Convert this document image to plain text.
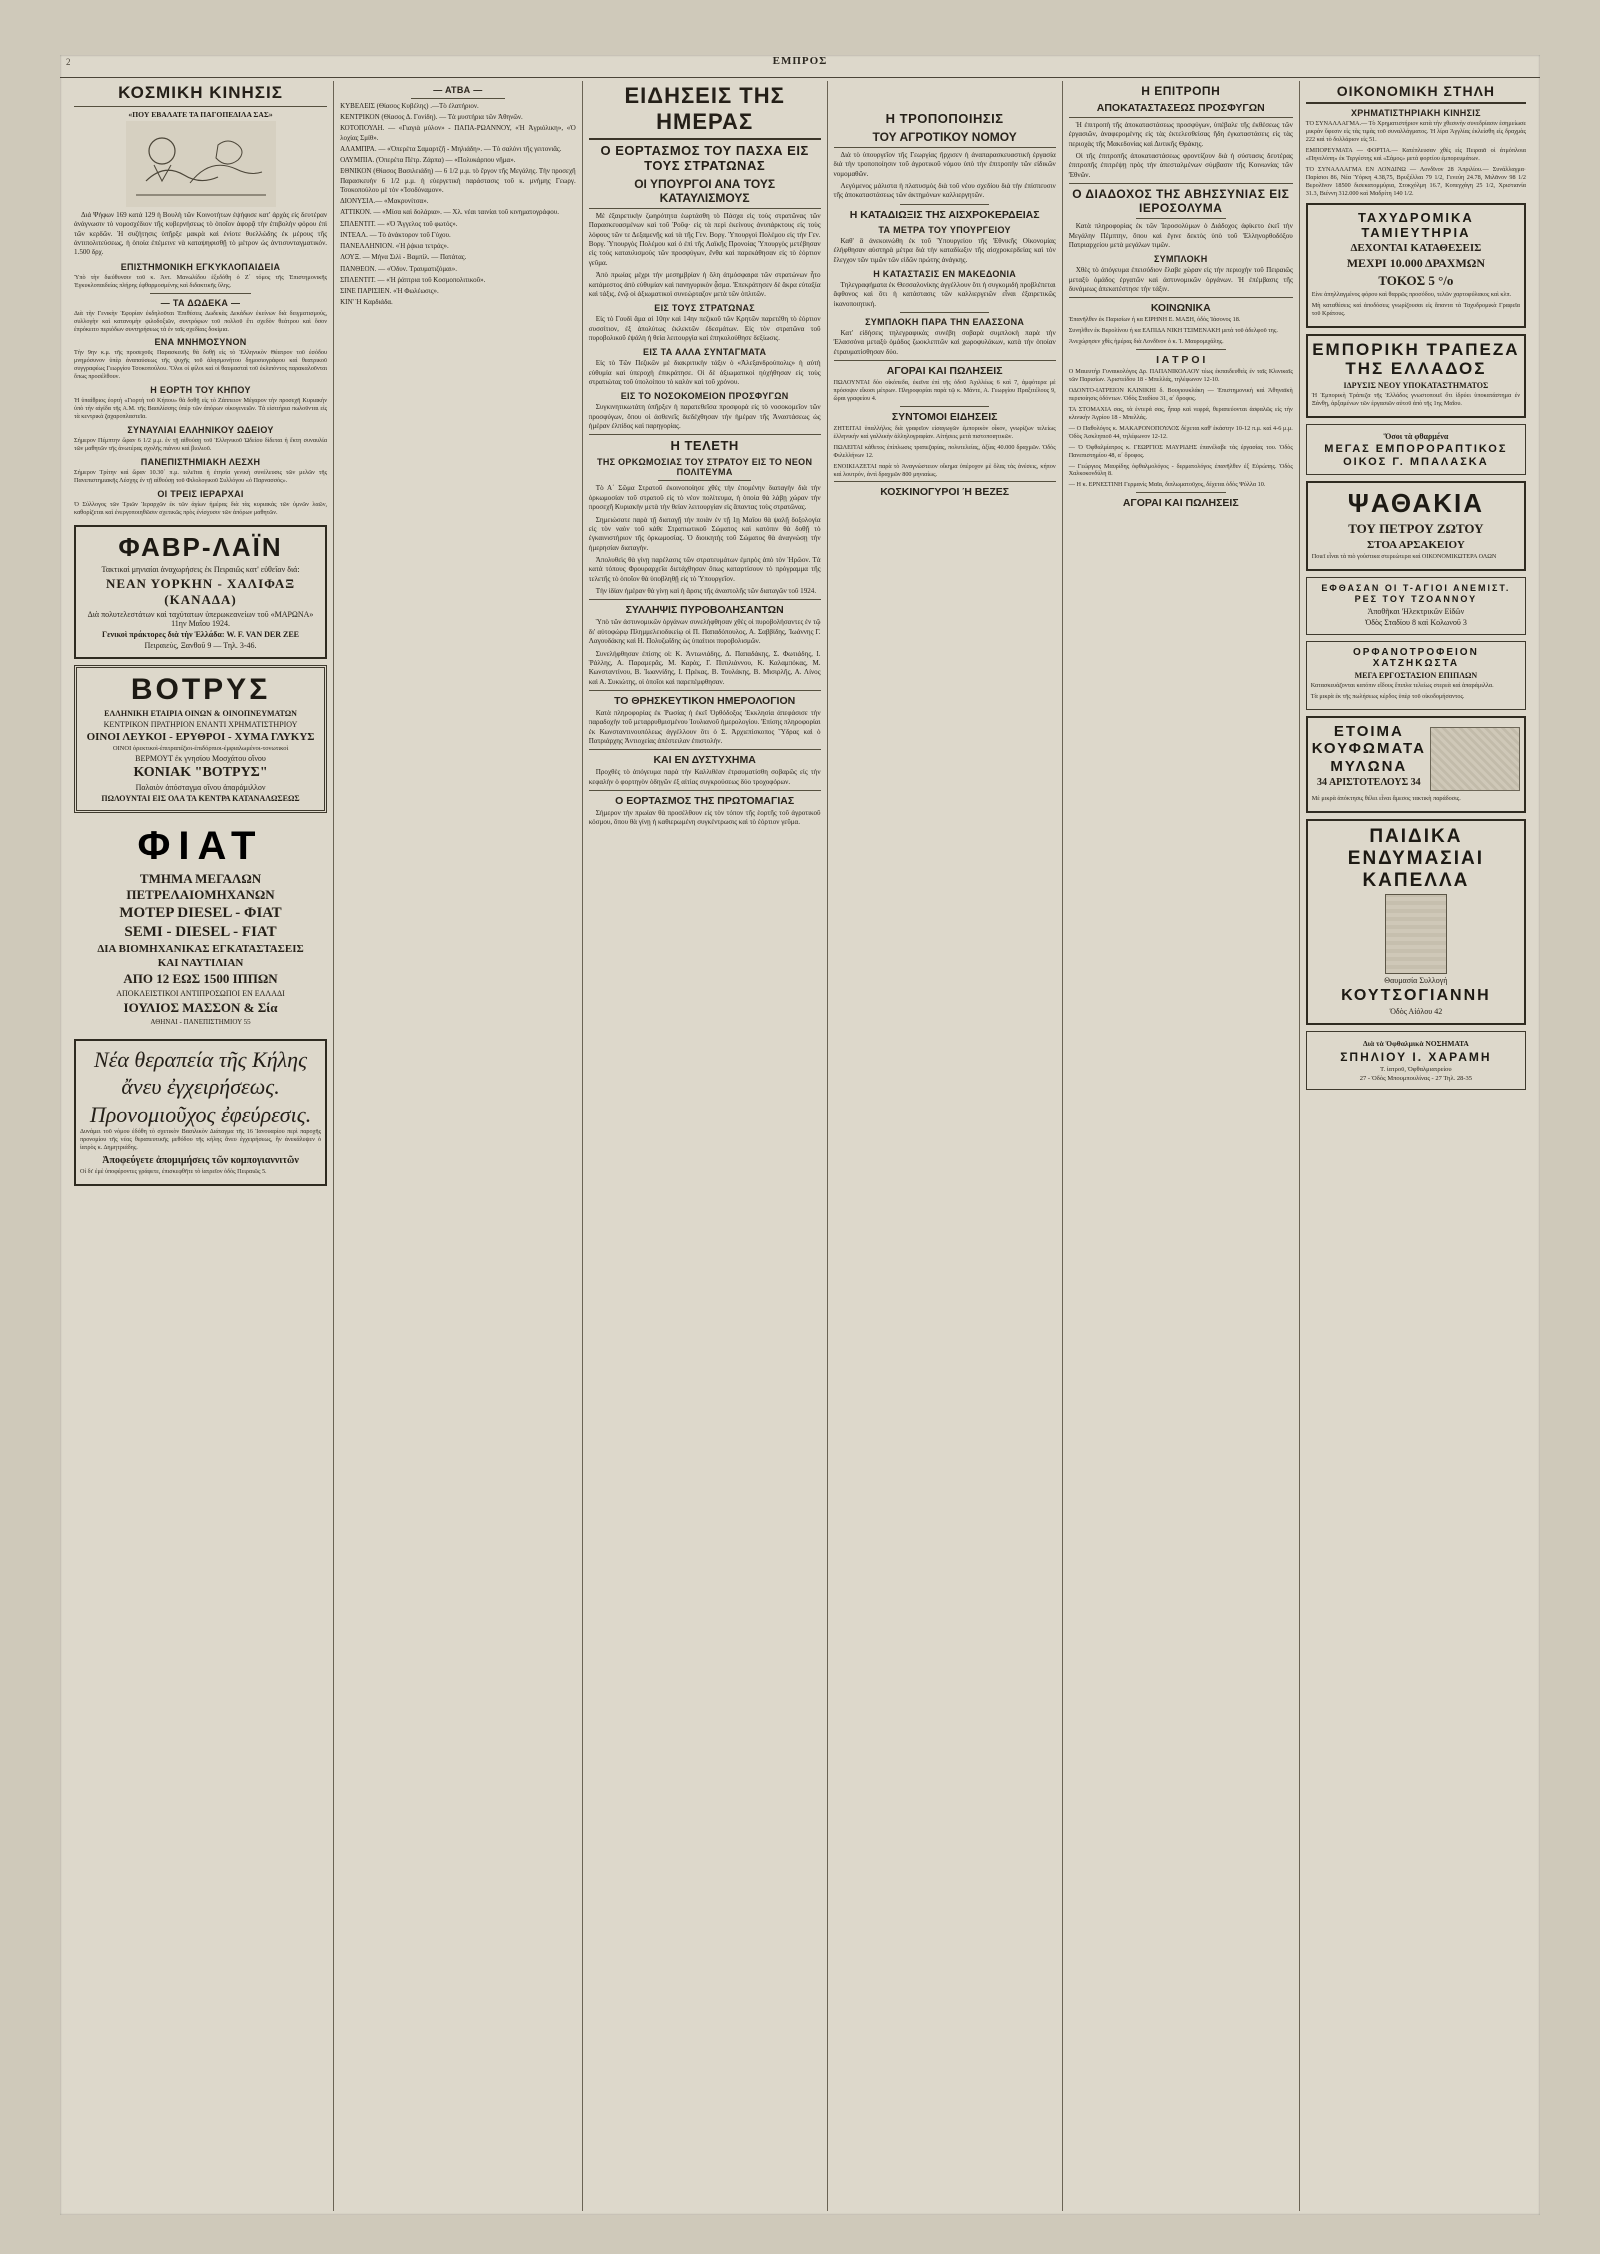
2	ΕΜΠΡΟΣ
ΚΟΣΜΙΚΗ ΚΙΝΗΣΙΣ
«ΠΟΥ ΕΒΑΛΑΤΕ ΤΑ ΠΑΓΟΠΕΔΙΛΑ ΣΑΣ»

Διά Ψήφων 169 κατά 129 ἡ Βουλὴ τῶν Κοινοτήτων ἐψήφισε κατ' ἀρχὰς εἰς δευτέραν ἀνάγνωσιν τὸ νομοσχέδιον τῆς κυβερνήσεως τὸ ὁποῖον ἀφορᾷ τὴν ἐπιβολὴν φόρου ἐπὶ τῶν κερδῶν. Ἡ συζήτησις ὑπῆρξε μακρὰ καὶ ἐνίοτε θυελλώδης ἐκ μέρους τῆς ἀντιπολιτεύσεως, ἡ ὁποία ἐπέμεινε νὰ καταψηφισθῇ τὸ μέτρον ὡς ἀντισυνταγματικόν. 1.500 δρχ.

ΕΠΙΣΤΗΜΟΝΙΚΗ ΕΓΚΥΚΛΟΠΑΙΔΕΙΑ

Ὑπὸ τὴν διεύθυνσιν τοῦ κ. Ἀντ. Μανωλίδου ἐξεδόθη ὁ Ζ΄ τόμος τῆς Ἐπιστημονικῆς Ἐγκυκλοπαιδείας πλήρης ἐφθαρμοσμένης καὶ διδακτικῆς ὕλης.

— ΤΑ ΔΩΔΕΚΑ —

Διὰ τὴν Γενικὴν Ἐφορίαν ἐκδηλοῦται Ἐπιθέσεις Δωδεκὰς Δεκάδων ἐκείνων διὰ δειγματισμούς, συλλογὴν καὶ κατανομὴν φιλοδοξιῶν, συντρόφων τοῦ πολλοῦ ἔτι σχεδὸν θεάτρου καὶ ὅσον ἐπρόκειτο περιόδων συντηρήσεως τὰ ἐν ταῖς σχεδίαις δοκίμια.

ΕΝΑ ΜΝΗΜΟΣΥΝΟΝ

Τὴν 9ην κ.μ. τῆς προσεχοῦς Παρασκευῆς θὰ δοθῇ εἰς τὸ Ἑλληνικὸν Θέατρον τοῦ ἐσόδου μνημόσυνον ὑπὲρ ἀναπαύσεως τῆς ψυχῆς τοῦ ἀλησμονήτου δημοσιογράφου καὶ θεατρικοῦ συγγραφέως Γεωργίου Τσοκοπούλου. Ὅλοι οἱ φίλοι καὶ οἱ θαυμασταὶ τοῦ ἐκλιπόντος παρακαλοῦνται ὅπως προσέλθουν.

Η ΕΟΡΤΗ ΤΟΥ ΚΗΠΟΥ

Ἡ ὑπαίθριος ἑορτὴ «Γιορτὴ τοῦ Κήπου» θὰ δοθῇ εἰς τὸ Ζάππειον Μέγαρον τὴν προσεχῆ Κυριακὴν ὑπὸ τὴν αἰγίδα τῆς Α.Μ. τῆς Βασιλίσσης ὑπὲρ τῶν ἀπόρων οἰκογενειῶν. Τὰ εἰσιτήρια πωλοῦνται εἰς τὰ κεντρικὰ ζαχαροπλαστεῖα.

ΣΥΝΑΥΛΙΑΙ ΕΛΛΗΝΙΚΟΥ ΩΔΕΙΟΥ

Σήμερον Πέμπτην ὥραν 6 1/2 μ.μ. ἐν τῇ αἰθούσῃ τοῦ Ἑλληνικοῦ Ὠδείου δίδεται ἡ ἕκτη συναυλία τῶν μαθητῶν τῆς ἀνωτέρας σχολῆς πιάνου καὶ βιολιοῦ.

ΠΑΝΕΠΙΣΤΗΜΙΑΚΗ ΛΕΣΧΗ

Σήμερον Τρίτην καὶ ὥραν 10.30΄ π.μ. τελεῖται ἡ ἐτησία γενικὴ συνέλευσις τῶν μελῶν τῆς Πανεπιστημιακῆς Λέσχης ἐν τῇ αἰθούσῃ τοῦ Φιλολογικοῦ Συλλόγου «ὁ Παρνασσός».

ΟΙ ΤΡΕΙΣ ΙΕΡΑΡΧΑΙ

Ὁ Σύλλογος τῶν Τριῶν Ἱεραρχῶν ἐκ τῶν ἀγίων ἡμέρας διὰ τὰς κυριακὰς τῶν ὑμνῶν λαῶν, καθορίζεται καὶ ἐνεργοποιηθῶσιν σχετικῶς πρὸς ἐνίσχυσιν τῶν ἀπόρων μαθητῶν.

ΦΑΒΡ-ΛΑΪΝ
Τακτικαὶ μηνιαίαι ἀναχωρήσεις ἐκ Πειραιῶς κατ' εὐθεῖαν διά:
ΝΕΑΝ ΥΟΡΚΗΝ - ΧΑΛΙΦΑΞ (ΚΑΝΑΔΑ)
Διὰ πολυτελεστάτων καὶ ταχύτατων ὑπερωκεανείων τοῦ «ΜΑΡΩΝΑ» 11ην Μαΐου 1924.
Γενικοὶ πράκτορες διὰ τὴν Ἑλλάδα: W. F. VAN DER ZEE
Πειραιεὺς, Ξανθοῦ 9 — Τηλ. 3-46.
ΒΟΤΡΥΣ
ΕΛΛΗΝΙΚΗ ΕΤΑΙΡΙΑ ΟΙΝΩΝ & ΟΙΝΟΠΝΕΥΜΑΤΩΝ
ΚΕΝΤΡΙΚΟΝ ΠΡΑΤΗΡΙΟΝ ΕΝΑΝΤΙ ΧΡΗΜΑΤΙΣΤΗΡΙΟΥ
ΟΙΝΟΙ ΛΕΥΚΟΙ - ΕΡΥΘΡΟΙ - ΧΥΜΑ ΓΛΥΚΥΣ
ΟΙΝΟΙ ὀρεκτικοὶ-ἐπιτραπέζιοι-ἐπιδόρπιοι-ἐμφιαλωμένοι-τονωτικοὶ
ΒΕΡΜΟΥΤ ἐκ γνησίου Μοσχάτου οἴνου
ΚΟΝΙΑΚ "ΒΟΤΡΥΣ"
Παλαιὸν ἀπόσταγμα οἴνου ἀπαράμιλλον
ΠΩΛΟΥΝΤΑΙ ΕΙΣ ΟΛΑ ΤΑ ΚΕΝΤΡΑ ΚΑΤΑΝΑΛΩΣΕΩΣ
ΦΙΑΤ
ΤΜΗΜΑ ΜΕΓΑΛΩΝ ΠΕΤΡΕΛΑΙΟΜΗΧΑΝΩΝ
ΜΟΤΕΡ DIESEL - ΦΙΑΤ
SEMI - DIESEL - FIAT
ΔΙΑ ΒΙΟΜΗΧΑΝΙΚΑΣ ΕΓΚΑΤΑΣΤΑΣΕΙΣ
ΚΑΙ ΝΑΥΤΙΛΙΑΝ
ΑΠΟ 12 ΕΩΣ 1500 ΙΠΠΩΝ
ΑΠΟΚΛΕΙΣΤΙΚΟΙ ΑΝΤΙΠΡΟΣΩΠΟΙ ΕΝ ΕΛΛΑΔΙ
ΙΟΥΛΙΟΣ ΜΑΣΣΟΝ & Σία
ΑΘΗΝΑΙ - ΠΑΝΕΠΙΣΤΗΜΙΟΥ 55
Νέα θεραπεία τῆς Κήλης ἄνευ ἐγχειρήσεως. Προνομιοῦχος ἐφεύρεσις.

Δυνάμει τοῦ νόμου ἐδόθη τὸ σχετικὸν Βασιλικὸν Διάταγμα τῆς 16 Ἰανουαρίου περὶ παροχῆς προνομίου τῆς νέας θεραπευτικῆς μεθόδου τῆς κήλης ἄνευ ἐγχειρήσεως, ἣν ἀνεκάλυψεν ὁ ἰατρὸς κ. Δημητριάδης.

Ἀποφεύγετε ἀπομιμήσεις τῶν κομπογιαννιτῶν

Οἱ δι' ἐμὲ ὑποφέροντες γράφετε, ἐπισκεφθῆτε τὸ ἰατρεῖον ὁδὸς Πειραιῶς 5.

— ΑΤΒΑ —

ΚΥΒΕΛΕΙΣ (Θίασος Κυβέλης) .—Τὸ ἐλατήριον.

ΚΕΝΤΡΙΚΟΝ (Θίασος Δ. Γονίδη). — Τὰ μυστήρια τῶν Ἀθηνῶν.

ΚΟΤΟΠΟΥΛΗ. — «Γιαγιὰ μύλον» - ΠΑΠΑ-ΡΩΑΝΝΟΥ, «Ἡ Ἀγριόλικη», «Ὁ λοχίας Σμίθ».

ΑΛΑΜΠΡΑ. — «Ὁπερέτα Σαμαρτζῆ - Μηλιάδη». — Τὸ σαλόνι τῆς γειτονιᾶς.

ΟΛΥΜΠΙΑ. (Ὀπερέτα Πέτρ. Ζάρπα) — «Πολυκάρπου νῆμα».

ΕΘΝΙΚΟΝ (Θίασος Βασιλειάδη) — 6 1/2 μ.μ. τὸ ἔργον τῆς Μεγάλης. Τὴν προσεχῆ Παρασκευὴν 6 1/2 μ.μ. ἡ εὐεργετικὴ παράστασις τοῦ κ. μνήμης Γεωργ. Τσοκοπούλου μὲ τὸν «Ἰσοδύναμον».

ΔΙΟΝΥΣΙΑ.— «Μακρυνίτσα».

ΑΤΤΙΚΟΝ. — «Μίσα καὶ δολάρια». — Χλ. νέαι ταινίαι τοῦ κινηματογράφου.

ΣΠΛΕΝΤΙΤ. — «Ὁ Ἄγγελος τοῦ φωτός».

ΙΝΤΕΑΛ. — Τὸ ἀνάκτορον τοῦ Γύχου.

ΠΑΝΕΛΛΗΝΙΟΝ. «Ἡ ῥᾴκια τετράς».

ΛΟΥΞ. — Μήνα Σιλὶ - Βαμπίλ. — Πατάτας.

ΠΑΝΘΕΟΝ. — «Ὀδυν. Τραυματιζόμαι».

ΣΠΛΕΝΤΙΤ. — «Ἡ ῥάπτρια τοῦ Κοσμοπολιτικοῦ».

ΣΙΝΕ ΠΑΡΙΣΙΕΝ. «Ἡ Φωλέωσις».

ΚΙΝ' Ἡ Καρδιάδα.

ΕΙΔΗΣΕΙΣ ΤΗΣ ΗΜΕΡΑΣ
Ο ΕΟΡΤΑΣΜΟΣ ΤΟΥ ΠΑΣΧΑ ΕΙΣ ΤΟΥΣ ΣΤΡΑΤΩΝΑΣ
ΟΙ ΥΠΟΥΡΓΟΙ ΑΝΑ ΤΟΥΣ ΚΑΤΑΥΛΙΣΜΟΥΣ

Μὲ ἐξαιρετικὴν ζωηρότητα ἑωρτάσθη τὸ Πάσχα εἰς τοὺς στρατῶνας τῶν Παρασκευασμένων καὶ τοῦ Ῥοῦφ· εἰς τὰ περὶ ἐκείνους ἀνυπάρκτους εἰς τοὺς λόφους τῶν τε Δεξαμενῆς καὶ τὰ τῆς Γεν. Βοργ. Ὑπουργοὶ Πολέμου εἰς τὴν Γεν. Βοργ. Ὑπουργὸς Πολέμου καὶ ὁ ἐπὶ τῆς Λαϊκῆς Προνοίας Ὑπουργὸς μετέβησαν εἰς τοὺς καταυλισμοὺς τῶν προσφύγων, ἔνθα καὶ παρεκάθησαν εἰς τὸ ἑόρτιον γεῦμα.

Ἀπὸ πρωίας μέχρι τὴν μεσημβρίαν ἡ ὅλη ἀτμόσφαιρα τῶν στρατώνων ἦτο κατάμεστος ἀπὸ εὐθυμίαν καὶ πανηγυρικὸν ᾆσμα. Ἐπεκράτησεν δὲ ἄκρα εὐταξία καὶ τάξις, ἐνῷ οἱ ἀξιωματικοὶ συνεώρταζον μετὰ τῶν ὁπλιτῶν.

ΕΙΣ ΤΟΥΣ ΣΤΡΑΤΩΝΑΣ

Εἰς τὸ Γουδὶ ἅμα αἱ 10ην καὶ 14ην πεζικοῦ τῶν Κρητῶν παρετέθη τὸ ἑόρτιον συσσίτιον, ἐξ ἀπολύτως ἐκλεκτῶν ἐδεσμάτων. Εἰς τὸν στρατῶνα τοῦ πυροβολικοῦ ἐψάλη ἡ θεία λειτουργία καὶ ἐπηκολούθησε δεξίωσις.

ΕΙΣ ΤΑ ΑΛΛΑ ΣΥΝΤΑΓΜΑΤΑ

Εἰς τὸ Τῶν Πεζικῶν μὲ διακριτικὴν τάξιν ὁ «Ἀλεξανδρούπολις» ἡ αὐτὴ εὐθυμία καὶ ὑπεροχὴ ἐπικράτησε. Οἱ δὲ ἀξιωματικοὶ ηὐχήθησαν εἰς τοὺς στρατιώτας τοῦ ὑπολοίπου τὸ καλὸν καὶ τοῦ χρόνου.

ΕΙΣ ΤΟ ΝΟΣΟΚΟΜΕΙΟΝ ΠΡΟΣΦΥΓΩΝ

Συγκινητικωτάτη ὑπῆρξεν ἡ παρατεθεῖσα προσφορὰ εἰς τὸ νοσοκομεῖον τῶν προσφύγων, ὅπου οἱ ἀσθενεῖς διεδέχθησαν τὴν ἡμέραν τῆς Ἀναστάσεως ὡς ἡμέραν ἐλπίδος καὶ παρηγορίας.

Η ΤΕΛΕΤΗ
ΤΗΣ ΟΡΚΩΜΟΣΙΑΣ ΤΟΥ ΣΤΡΑΤΟΥ ΕΙΣ ΤΟ ΝΕΟΝ ΠΟΛΙΤΕΥΜΑ

Τὸ Α΄ Σῶμα Στρατοῦ ἐκοινοποίησε χθὲς τὴν ἑπομένην διαταγὴν διὰ τὴν ὁρκωμοσίαν τοῦ στρατοῦ εἰς τὸ νέον πολίτευμα, ἡ ὁποία θὰ λάβῃ χώραν τὴν προσεχῆ Κυριακὴν μετὰ τὴν θείαν λειτουργίαν εἰς ἅπαντας τοὺς στρατῶνας.

Σημειώσατε παρὰ τῇ διαταγῇ τὴν ποιὰν ἐν τῇ 1ῃ Μαΐου θὰ ψαλῇ δοξολογία εἰς τὸν ναὸν τοῦ κάθε Στρατιωτικοῦ Σώματος καὶ κατόπιν θὰ δοθῇ τὸ ἐγκαινιστήριον τῆς ὁρκωμοσίας. Ὁ διοικητὴς τοῦ Σώματος θὰ ἀναγνώσῃ τὴν ἡμερησίαν διαταγὴν.

Ἀπολυθεὶς θὰ γίνῃ παρέλασις τῶν στρατευμάτων ἐμπρὸς ἀπὸ τὸν Ἡρῶον. Τὰ κατὰ τόπους Φρουραρχεῖα διετάχθησαν ὅπως καταρτίσουν τὸ πρόγραμμα τῆς τελετῆς τὸ ὁποῖον θὰ ὑποβληθῇ εἰς τὸ Ὑπουργεῖον.

Τὴν ἰδίαν ἡμέραν θὰ γίνῃ καὶ ἡ ἄρσις τῆς ἀναστολῆς τῶν διαταγῶν τοῦ 1924.

ΣΥΛΛΗΨΙΣ ΠΥΡΟΒΟΛΗΣΑΝΤΩΝ

Ὑπὸ τῶν ἀστυνομικῶν ὀργάνων συνελήφθησαν χθὲς οἱ πυροβολήσαντες ἐν τῷ δι' αὐτοφώρῳ Πλημμελειοδικείῳ οἱ Π. Παπαδόπουλος, Α. Σαββίδης, Ἰωάννης Γ. Λαγουδάκης καὶ Η. Πολυζωΐδης ὡς ὑπαίτιοι πυροβολισμῶν.

Συνελήφθησαν ἐπίσης οἱ: Κ. Ἀντωνιάδης, Δ. Παπαδάκης, Σ. Φωτιάδης, Ι. Ῥάλλης, Α. Παραμερᾶς, Μ. Καρὰς, Γ. Πιπιλιάννου, Κ. Καλαμπόκας, Μ. Κωνσταντίνου, Β. Ἰωαννίδης, Ι. Πρέκας, Β. Τουλάκης, Β. Μισιρλῆς, Α. Λίνος καὶ Α. Συκιώτης, οἱ ὁποῖοι καὶ παρεπέμφθησαν.

ΤΟ ΘΡΗΣΚΕΥΤΙΚΟΝ ΗΜΕΡΟΛΟΓΙΟΝ

Κατὰ πληροφορίας ἐκ Ῥωσίας ἡ ἐκεῖ Ὀρθόδοξος Ἐκκλησία ἀπεφάσισε τὴν παραδοχὴν τοῦ μεταρρυθμισμένου Ἰουλιανοῦ ἡμερολογίου. Ἐπίσης πληροφορίαι ἐκ Κωνσταντινουπόλεως ἀγγέλλουν ὅτι ὁ Σ. Ἀρχιεπίσκοπος Ὕδρας καὶ ὁ Πατριάρχης Ἀντιοχείας ἀπέστειλαν ἐπιστολήν.

ΚΑΙ ΕΝ ΔΥΣΤΥΧΗΜΑ

Προχθὲς τὸ ἀπόγευμα παρὰ τὴν Καλλιθέαν ἐτραυματίσθη σοβαρῶς εἰς τὴν κεφαλὴν ὁ φορτηγὸν ὁδηγῶν ἐξ αἰτίας συγκρούσεως δύο τροχοφόρων.

Ο ΕΟΡΤΑΣΜΟΣ ΤΗΣ ΠΡΩΤΟΜΑΓΙΑΣ

Σήμερον τὴν πρωίαν θὰ προσέλθουν εἰς τὸν τόπον τῆς ἑορτῆς τοῦ ἀγροτικοῦ κόσμου, ὅπου θὰ γίνῃ ἡ καθιερωμένη συγκέντρωσις καὶ τὸ ἑόρτιον γεῦμα.

Η ΤΡΟΠΟΠΟΙΗΣΙΣ
ΤΟΥ ΑΓΡΟΤΙΚΟΥ ΝΟΜΟΥ

Διὰ τὸ ὑπουργεῖον τῆς Γεωργίας ἤρχισεν ἡ ἀναπαρασκευαστικὴ ἐργασία διὰ τὴν τροποποίησιν τοῦ ἀγροτικοῦ νόμου ὑπὸ τὴν ἐπιτροπὴν τῶν εἰδικῶν νομομαθῶν.

Λεγόμενος μάλιστα ἡ πλατυσμὸς διὰ τοῦ νέου σχεδίου διὰ τὴν ἐπίσπευσιν τῆς ἀποκαταστάσεως τῶν ἀκτημόνων καλλιεργητῶν.

Η ΚΑΤΑΔΙΩΞΙΣ ΤΗΣ ΑΙΣΧΡΟΚΕΡΔΕΙΑΣ
ΤΑ ΜΕΤΡΑ ΤΟΥ ΥΠΟΥΡΓΕΙΟΥ

Καθ' ἃ ἀνεκοινώθη ἐκ τοῦ Ὑπουργείου τῆς Ἐθνικῆς Οἰκονομίας ἐλήφθησαν αὐστηρὰ μέτρα διὰ τὴν καταδίωξιν τῆς αἰσχροκερδείας καὶ τὸν ἔλεγχον τῶν τιμῶν τῶν εἰδῶν πρώτης ἀνάγκης.

Η ΚΑΤΑΣΤΑΣΙΣ ΕΝ ΜΑΚΕΔΟΝΙΑ

Τηλεγραφήματα ἐκ Θεσσαλονίκης ἀγγέλλουν ὅτι ἡ συγκομιδὴ προβλέπεται ἄφθονος καὶ ὅτι ἡ κατάστασις τῶν καλλιεργειῶν εἶναι ἐξαιρετικῶς ἱκανοποιητική.

ΣΥΜΠΛΟΚΗ ΠΑΡΑ ΤΗΝ ΕΛΑΣΣΟΝΑ

Κατ' εἰδήσεις τηλεγραφικὰς συνέβη σοβαρὰ συμπλοκὴ παρὰ τὴν Ἐλασσόνα μεταξὺ ὁμάδος ζωοκλεπτῶν καὶ χωροφυλάκων, κατὰ τὴν ὁποίαν ἐτραυματίσθησαν δύο.

ΑΓΟΡΑΙ ΚΑΙ ΠΩΛΗΣΕΙΣ

ΠΩΛΟΥΝΤΑΙ δύο οἰκόπεδα, ἐκεῖνα ἐπὶ τῆς ὁδοῦ Ἀχιλλέως 6 καὶ 7, ἀμφότερα μὲ πρόσοψιν εἴκοσι μέτρων. Πληροφορίαι παρὰ τῷ κ. Μάντε, Α. Γεωργίου Πραξιτέλους 9, ὥραι γραφείου 4.

ΣΥΝΤΟΜΟΙ ΕΙΔΗΣΕΙΣ

ΖΗΤΕΙΤΑΙ ὑπαλλήλος διὰ γραφεῖον εἰσαγωγῶν ἐμπορικὸν οἶκον, γνωρίζων τελείως ἑλληνικὴν καὶ γαλλικὴν ἀλληλογραφίαν. Αἰτήσεις μετὰ πιστοποιητικῶν.

ΠΩΛΕΙΤΑΙ κάθετος ἐπίπλωσις τραπεζαρίας, πολυτελείας, ἀξίας 40.000 δραχμῶν. Ὁδὸς Φιλελλήνων 12.

ΕΝΟΙΚΙΑΖΕΤΑΙ παρὰ τὸ Ἀναγνώστειον οἴκημα ὑπέροχον μὲ ὅλας τὰς ἀνέσεις, κήπον καὶ λουτρόν, ἀντὶ δραχμῶν 800 μηνιαίως.

ΚΟΣΚΙΝΟΓΥΡΟΙ Ή ΒΕΖΕΣ
Η ΕΠΙΤΡΟΠΗ
ΑΠΟΚΑΤΑΣΤΑΣΕΩΣ ΠΡΟΣΦΥΓΩΝ

Ἡ ἐπιτροπὴ τῆς ἀποκαταστάσεως προσφύγων, ὑπέβαλε τῆς ἐκθέσεως τῶν ἐργασιῶν, ἀναφερομένης εἰς τὰς ἐκτελεσθείσας ἤδη ἐγκαταστάσεις εἰς τὰς περιοχὰς τῆς Μακεδονίας καὶ Δυτικῆς Θράκης.

Οἱ τῆς ἐπιτροπῆς ἀποκαταστάσεως φροντίζουν διὰ ἡ σύστασις δευτέρας ἐπιτροπῆς ἐπιτρέψῃ πρὸς τὴν ἀπεσταλμένων σύμβασιν τῆς Κοινωνίας τῶν Ἐθνῶν.

Ο ΔΙΑΔΟΧΟΣ ΤΗΣ ΑΒΗΣΣΥΝΙΑΣ ΕΙΣ ΙΕΡΟΣΟΛΥΜΑ

Κατὰ πληροφορίας ἐκ τῶν Ἱεροσολύμων ὁ Διάδοχος ἀφίκετο ἐκεῖ τὴν Μεγάλην Πέμπτην, ὅπου καὶ ἔγινε δεκτὸς ὑπὸ τοῦ Ἑλληνορθοδόξου Πατριαρχείου μετὰ μεγάλων τιμῶν.

ΣΥΜΠΛΟΚΗ

Χθὲς τὸ ἀπόγευμα ἐπεισόδιον ἔλαβε χώραν εἰς τὴν περιοχὴν τοῦ Πειραιῶς μεταξὺ ὁμάδος ἐργατῶν καὶ ἀστυνομικῶν ὀργάνων. Ἡ ἐπέμβασις τῆς δυνάμεως ἀπεκατέστησε τὴν τάξιν.

ΚΟΙΝΩΝΙΚΑ

Ἐπανῆλθεν ἐκ Παρισίων ἡ κα ΕΙΡΗΝΗ Ε. ΜΑΞΗ, ὁδὸς Ἰάσονος 18.

Συνηλθεν ἐκ Βερολίνου ἡ κα ΕΛΠΙΔΑ ΝΙΚΗ ΤΣΙΜΕΝΑΚΗ μετὰ τοῦ ἀδελφοῦ της.

Ἀνεχώρησεν χθὲς ἡμέρας διὰ Λονδῖνον ὁ κ. Ἰ. Μαυρομιχάλης.

Ι Α Τ Ρ Ο Ι

Ο Μαιευτὴρ Γυναικολόγος Δρ. ΠΑΠΑΝΙΚΟΛΑΟΥ τέως ἐκπαιδευθεὶς ἐν ταῖς Κλινικαῖς τῶν Παρισίων. Ἀριστείδου 18 - Μπελλάς, τηλέφωνον 12-10.

ΟΔΟΝΤΟ-ΙΑΤΡΕΙΟΝ ΚΛΙΝΙΚΗΙ δ. Βουγιουκλάκη — Ἐπιστημονικὴ καὶ Ἀθηναϊκὴ περιποίησις ὀδόντων. Ὁδὸς Σταδίου 31, α΄ ὄροφος.

ΤΑ ΣΤΟΜΑΧΙΑ σας, τὰ ἐντερά σας, ἧπαρ καὶ νεφρά, θεραπεύονται ἀσφαλῶς εἰς τὴν κλινικὴν Ἀγρίου 18 - Μπελλάς.

— Ο Παθολόγος κ. ΜΑΚΑΡΟΝΟΠΟΥΛΟΣ δέχεται καθ' ἑκάστην 10-12 π.μ. καὶ 4-6 μ.μ. Ὁδὸς Ἀσκληπιοῦ 44, τηλέφωνον 12-12.

— Ὁ Ὀφθαλμίατρος κ. ΓΕΩΡΓΙΟΣ ΜΑΥΡΙΔΗΣ ἐπανέλαβε τὰς ἐργασίας του. Ὁδὸς Πανεπιστημίου 48, α΄ ὄροφος.

— Γεώργιος Μαυρίδης ὀφθαλμολόγος - δερματολόγος ἐπανῆλθεν ἐξ Εὐρώπης. Ὁδὸς Χαλκοκονδύλη 8.

— Η κ. ΕΡΝΕΣΤΙΝΗ Γερμανὶς Μαῖα, διπλωματοῦχος, δέχεται ὁδὸς Ψύλλα 10.

ΑΓΟΡΑΙ ΚΑΙ ΠΩΛΗΣΕΙΣ
ΟΙΚΟΝΟΜΙΚΗ ΣΤΗΛΗ
ΧΡΗΜΑΤΙΣΤΗΡΙΑΚΗ ΚΙΝΗΣΙΣ

ΤΟ ΣΥΝΑΛΛΑΓΜΑ.— Τὸ Χρηματιστήριον κατὰ τὴν χθεσινὴν συνεδρίασιν ἐσημείωσε μικρὰν ὕφεσιν εἰς τὰς τιμὰς τοῦ συναλλάγματος. Ἡ λίρα Ἀγγλίας ἐκλείσθη εἰς δραχμὰς 222 καὶ τὸ δολλάριον εἰς 51.

ΕΜΠΟΡΕΥΜΑΤΑ — ΦΟΡΤΙΑ.— Κατέπλευσαν χθὲς εἰς Πειραιᾶ οἱ ἀτμόπλοια «Πηνελόπη» ἐκ Τεργέστης καὶ «Σάμος» μετὰ φορτίου ἐμπορευμάτων.

ΤΟ ΣΥΝΑΛΛΑΓΜΑ ΕΝ ΛΟΝΔΙΝΩ — Λονδῖνον 28 Ἀπριλίου.— Συνάλλαγμα· Παρίσιοι 86, Νέα Ὑόρκη 4.38,75, Βρυξέλλαι 79 1/2, Γενεύη 24.78, Μιλᾶνον 98 1/2 Βερολῖνον 18500 δισεκατομμύρια, Στοκχόλμη 16.7, Κοπεγχάγη 25 1/2, Χριστιανία 31.3, Βιέννη 312.000 καὶ Μαδρίτη 140 1/2.

ΤΑΧΥΔΡΟΜΙΚΑ ΤΑΜΙΕΥΤΗΡΙΑ
ΔΕΧΟΝΤΑΙ ΚΑΤΑΘΕΣΕΙΣ
ΜΕΧΡΙ 10.000 ΔΡΑΧΜΩΝ
ΤΟΚΟΣ 5 °/ο

Εἰνε ἁπηλλαγμένος φόρου καὶ θαρρῶς προσόδου, τελῶν χαρτοφύλακος καὶ κλπ.

Μὴ καταθέσεις καὶ ἀποδόσεις γνωρίζουσαι εἰς ἅπαντα τὰ Ταχυδρομικὰ Γραφεῖα τοῦ Κράτους.

ΕΜΠΟΡΙΚΗ ΤΡΑΠΕΖΑ ΤΗΣ ΕΛΛΑΔΟΣ
ΙΔΡΥΣΙΣ ΝΕΟΥ ΥΠΟΚΑΤΑΣΤΗΜΑΤΟΣ

Ἡ Ἐμπορικὴ Τράπεζα τῆς Ἑλλάδος γνωστοποιεῖ ὅτι ἱδρύει ὑποκατάστημα ἐν Ξάνθῃ, ἀρξαμένων τῶν ἐργασιῶν αὐτοῦ ἀπὸ τῆς 1ης Μαΐου.

Ὅσοι τὰ φθαρμένα
ΜΕΓΑΣ ΕΜΠΟΡΟΡΑΠΤΙΚΟΣ ΟΙΚΟΣ Γ. ΜΠΑΛΑΣΚΑ
ΨΑΘΑΚΙΑ
ΤΟΥ ΠΕΤΡΟΥ ΖΩΤΟΥ
ΣΤΟΑ ΑΡΣΑΚΕΙΟΥ

Ποιεῖ εἶναι τὰ πιὸ γούστικα στερεώτερα καὶ ΟΙΚΟΝΟΜΙΚΩΤΕΡΑ ΟΛΩΝ

ΕΦΘΑΣΑΝ ΟΙ Τ-ΑΓΙΟΙ ΑΝΕΜΙΣΤ. ΡΕΣ ΤΟΥ ΤΖΟΑΝΝΟΥ
Ἀποθῆκαι 'Ηλεκτρικῶν Εἰδῶν
Ὁδὸς Σταδίου 8 καὶ Κολωνοῦ 3
ΟΡΦΑΝΟΤΡΟΦΕΙΟΝ ΧΑΤΖΗΚΩΣΤΑ
ΜΕΓΑ ΕΡΓΟΣΤΑΣΙΟΝ ΕΠΙΠΛΩΝ

Κατασκευάζονται κατόπιν εἴδους ἔπιπλα τελείως στερεὰ καὶ ἀπαράμιλλα.

Τὰ μικρὰ ἐκ τῆς πωλήσεως κέρδος ὑπὲρ τοῦ οἰκοδομήσαντος.

ΕΤΟΙΜΑ ΚΟΥΦΩΜΑΤΑ ΜΥΛΩΝΑ
34 ΑΡΙΣΤΟΤΕΛΟΥΣ 34

Μὲ μικρὰ ἀπόκτησις θέλει εἶναι ἄμεσος τακτικὴ παράδοσις.

ΠΑΙΔΙΚΑ ΕΝΔΥΜΑΣΙΑΙ ΚΑΠΕΛΛΑ
Θαυμασία Συλλογή
ΚΟΥΤΣΟΓΙΑΝΝΗ
Ὁδὸς Αἰόλου 42
Διὰ τὰ Ὀφθαλμικὰ ΝΟΣΗΜΑΤΑ
ΣΠΗΛΙΟΥ Ι. ΧΑΡΑΜΗ
Τ. ἰατροῦ, Ὀφθαλμιατρείου
27 - Ὁδὸς Μπουμπουλίνας - 27 Τηλ. 28-35
